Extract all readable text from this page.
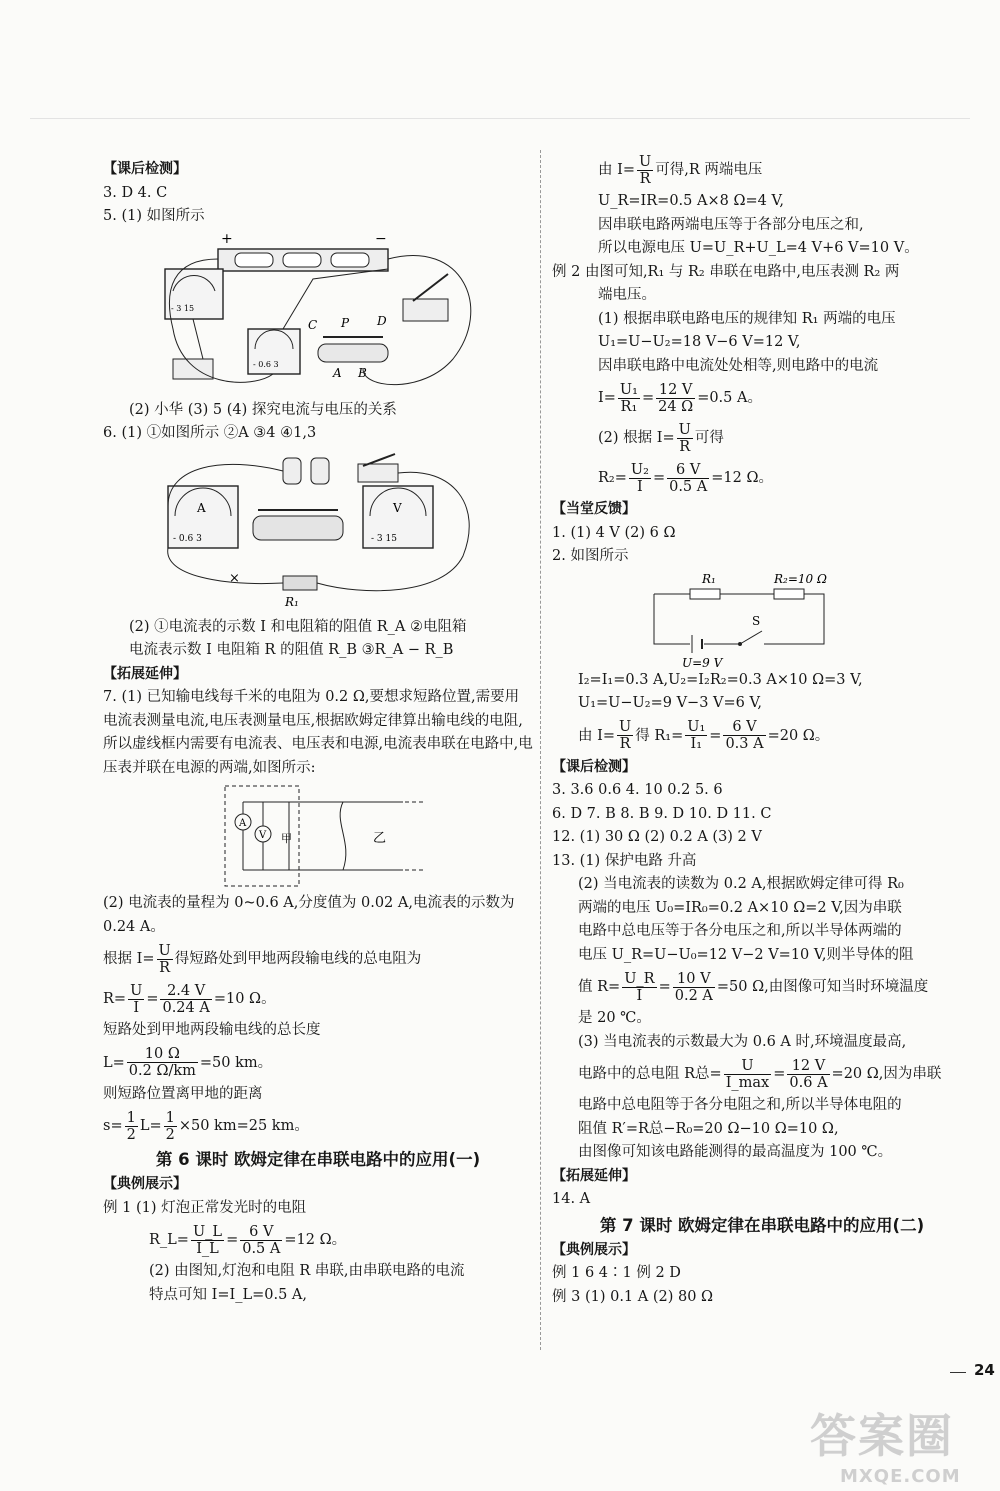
【课后检测】
3. D 4. C
5. (1) 如图所示
+	−
- 3 15
- 0.6 3
C P D
A B
(2) 小华 (3) 5 (4) 探究电流与电压的关系
6. (1) ①如图所示 ②A ③4 ④1,3
A
- 0.6 3
V
- 3 15
R₁
×
(2) ①电流表的示数 I 和电阻箱的阻值 R_A ②电阻箱
电流表示数 I 电阻箱 R 的阻值 R_B ③R_A − R_B
【拓展延伸】
7. (1) 已知输电线每千米的电阻为 0.2 Ω,要想求短路位置,需要用电流表测量电流,电压表测量电压,根据欧姆定律算出输电线的电阻,所以虚线框内需要有电流表、电压表和电源,电流表串联在电路中,电压表并联在电源的两端,如图所示:
A
V 甲	乙
(2) 电流表的量程为 0~0.6 A,分度值为 0.02 A,电流表的示数为 0.24 A。
根据 $I= \frac{U}{R}$ 得短路处到甲地两段输电线的总电阻为
$R= \frac{U}{I} = \frac{2.4 V}{0.24 A} =10$ Ω。
短路处到甲地两段输电线的总长度
$L= \frac{10 \Omega}{0.2 \Omega/km} =50$ km。
则短路位置离甲地的距离
$s= \frac{1}{2} L= \frac{1}{2} \times 50$ km=25 km。
第 6 课时 欧姆定律在串联电路中的应用(一)
【典例展示】
例 1 (1) 灯泡正常发光时的电阻
R_L= $\frac{U\_L}{I\_L} = \frac{6 V}{0.5 A} =12$ Ω。
(2) 由图知,灯泡和电阻 R 串联,由串联电路的电流
特点可知 I=I_L=0.5 A,
由 $I= \frac{U}{R}$ 可得,R 两端电压
U_R=IR=0.5 A×8 Ω=4 V,
因串联电路两端电压等于各部分电压之和,
所以电源电压 U=U_R+U_L=4 V+6 V=10 V。
例 2 由图可知,R₁ 与 R₂ 串联在电路中,电压表测 R₂ 两
端电压。
(1) 根据串联电路电压的规律知 R₁ 两端的电压
U₁=U−U₂=18 V−6 V=12 V,
因串联电路中电流处处相等,则电路中的电流
$I= \frac{\text{U₁}}{\text{R₁}} = \frac{12 V}{24 \Omega} =0.5$ A。
(2) 根据 $I= \frac{U}{R}$ 可得
$R_2= \frac{\text{U₂}}{I} = \frac{6 V}{0.5 A} =12$ Ω。
【当堂反馈】
1. (1) 4 V (2) 6 Ω
2. 如图所示
R₁	R₂=10 Ω
S
U=9 V
I₂=I₁=0.3 A,U₂=I₂R₂=0.3 A×10 Ω=3 V,
U₁=U−U₂=9 V−3 V=6 V,
由 $I= \frac{U}{R}$ 得 $R_1= \frac{\text{U₁}}{\text{I₁}} = \frac{6 V}{0.3 A} =20$ Ω。
【课后检测】
3. 3.6 0.6 4. 10 0.2 5. 6
6. D 7. B 8. B 9. D 10. D 11. C
12. (1) 30 Ω (2) 0.2 A (3) 2 V
13. (1) 保护电路 升高
(2) 当电流表的读数为 0.2 A,根据欧姆定律可得 R₀
两端的电压 U₀=IR₀=0.2 A×10 Ω=2 V,因为串联
电路中总电压等于各分电压之和,所以半导体两端的
电压 U_R=U−U₀=12 V−2 V=10 V,则半导体的阻
值 $R= \frac{U\_R}{I} = \frac{10 V}{0.2 A} =50$ Ω,由图像可知当时环境温度
是 20 ℃。
(3) 当电流表的示数最大为 0.6 A 时,环境温度最高,
电路中的总电阻 R总= $\frac{U}{I\_\max} = \frac{12 V}{0.6 A} =20$ Ω,因为串联
电路中总电阻等于各分电阻之和,所以半导体电阻的
阻值 R′=R总−R₀=20 Ω−10 Ω=10 Ω,
由图像可知该电路能测得的最高温度为 100 ℃。
【拓展延伸】
14. A
第 7 课时 欧姆定律在串联电路中的应用(二)
【典例展示】
例 1 6 4∶1 例 2 D
例 3 (1) 0.1 A (2) 80 Ω
24
答案圈
MXQE.COM
